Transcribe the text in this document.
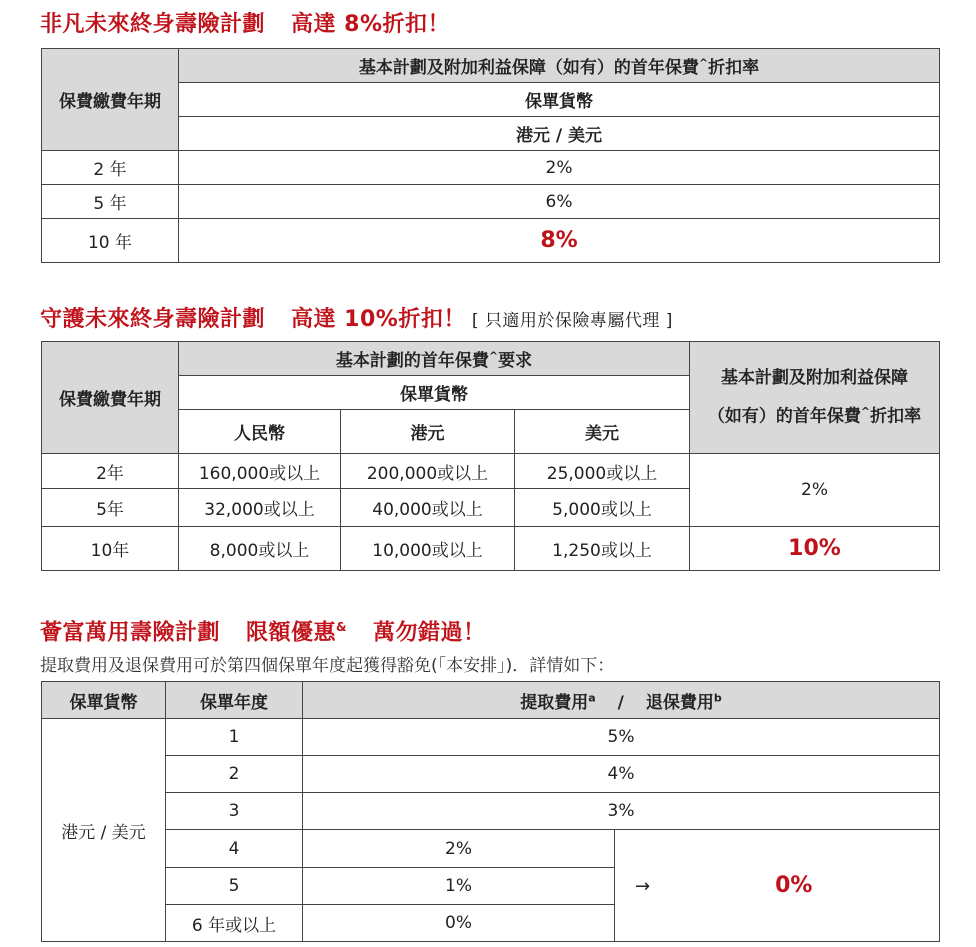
非凡未來終身壽險計劃 高達 8%折扣！
保費繳費年期	基本計劃及附加利益保障（如有）的首年保費^折扣率
	保單貨幣
	港元 / 美元
2 年	2%
5 年	6%
10 年	8%
守護未來終身壽險計劃 高達 10%折扣！ [ 只適用於保險專屬代理 ]
保費繳費年期	基本計劃的首年保費^要求			基本計劃及附加利益保障
（如有）的首年保費^折扣率
	保單貨幣			
	人民幣	港元	美元	
2年	160,000或以上	200,000或以上	25,000或以上	2%
5年	32,000或以上	40,000或以上	5,000或以上	
10年	8,000或以上	10,000或以上	1,250或以上	10%
薈富萬用壽險計劃 限額優惠& 萬勿錯過！

提取費用及退保費用可於第四個保單年度起獲得豁免(「本安排」)．詳情如下：

保單貨幣	保單年度	提取費用$^a$ / 退保費用$^b$
港元 / 美元	1	5%	
	2	4%	
	3	3%	
	4	2%	→ 0%
	5	1%	
	6 年或以上	0%	
